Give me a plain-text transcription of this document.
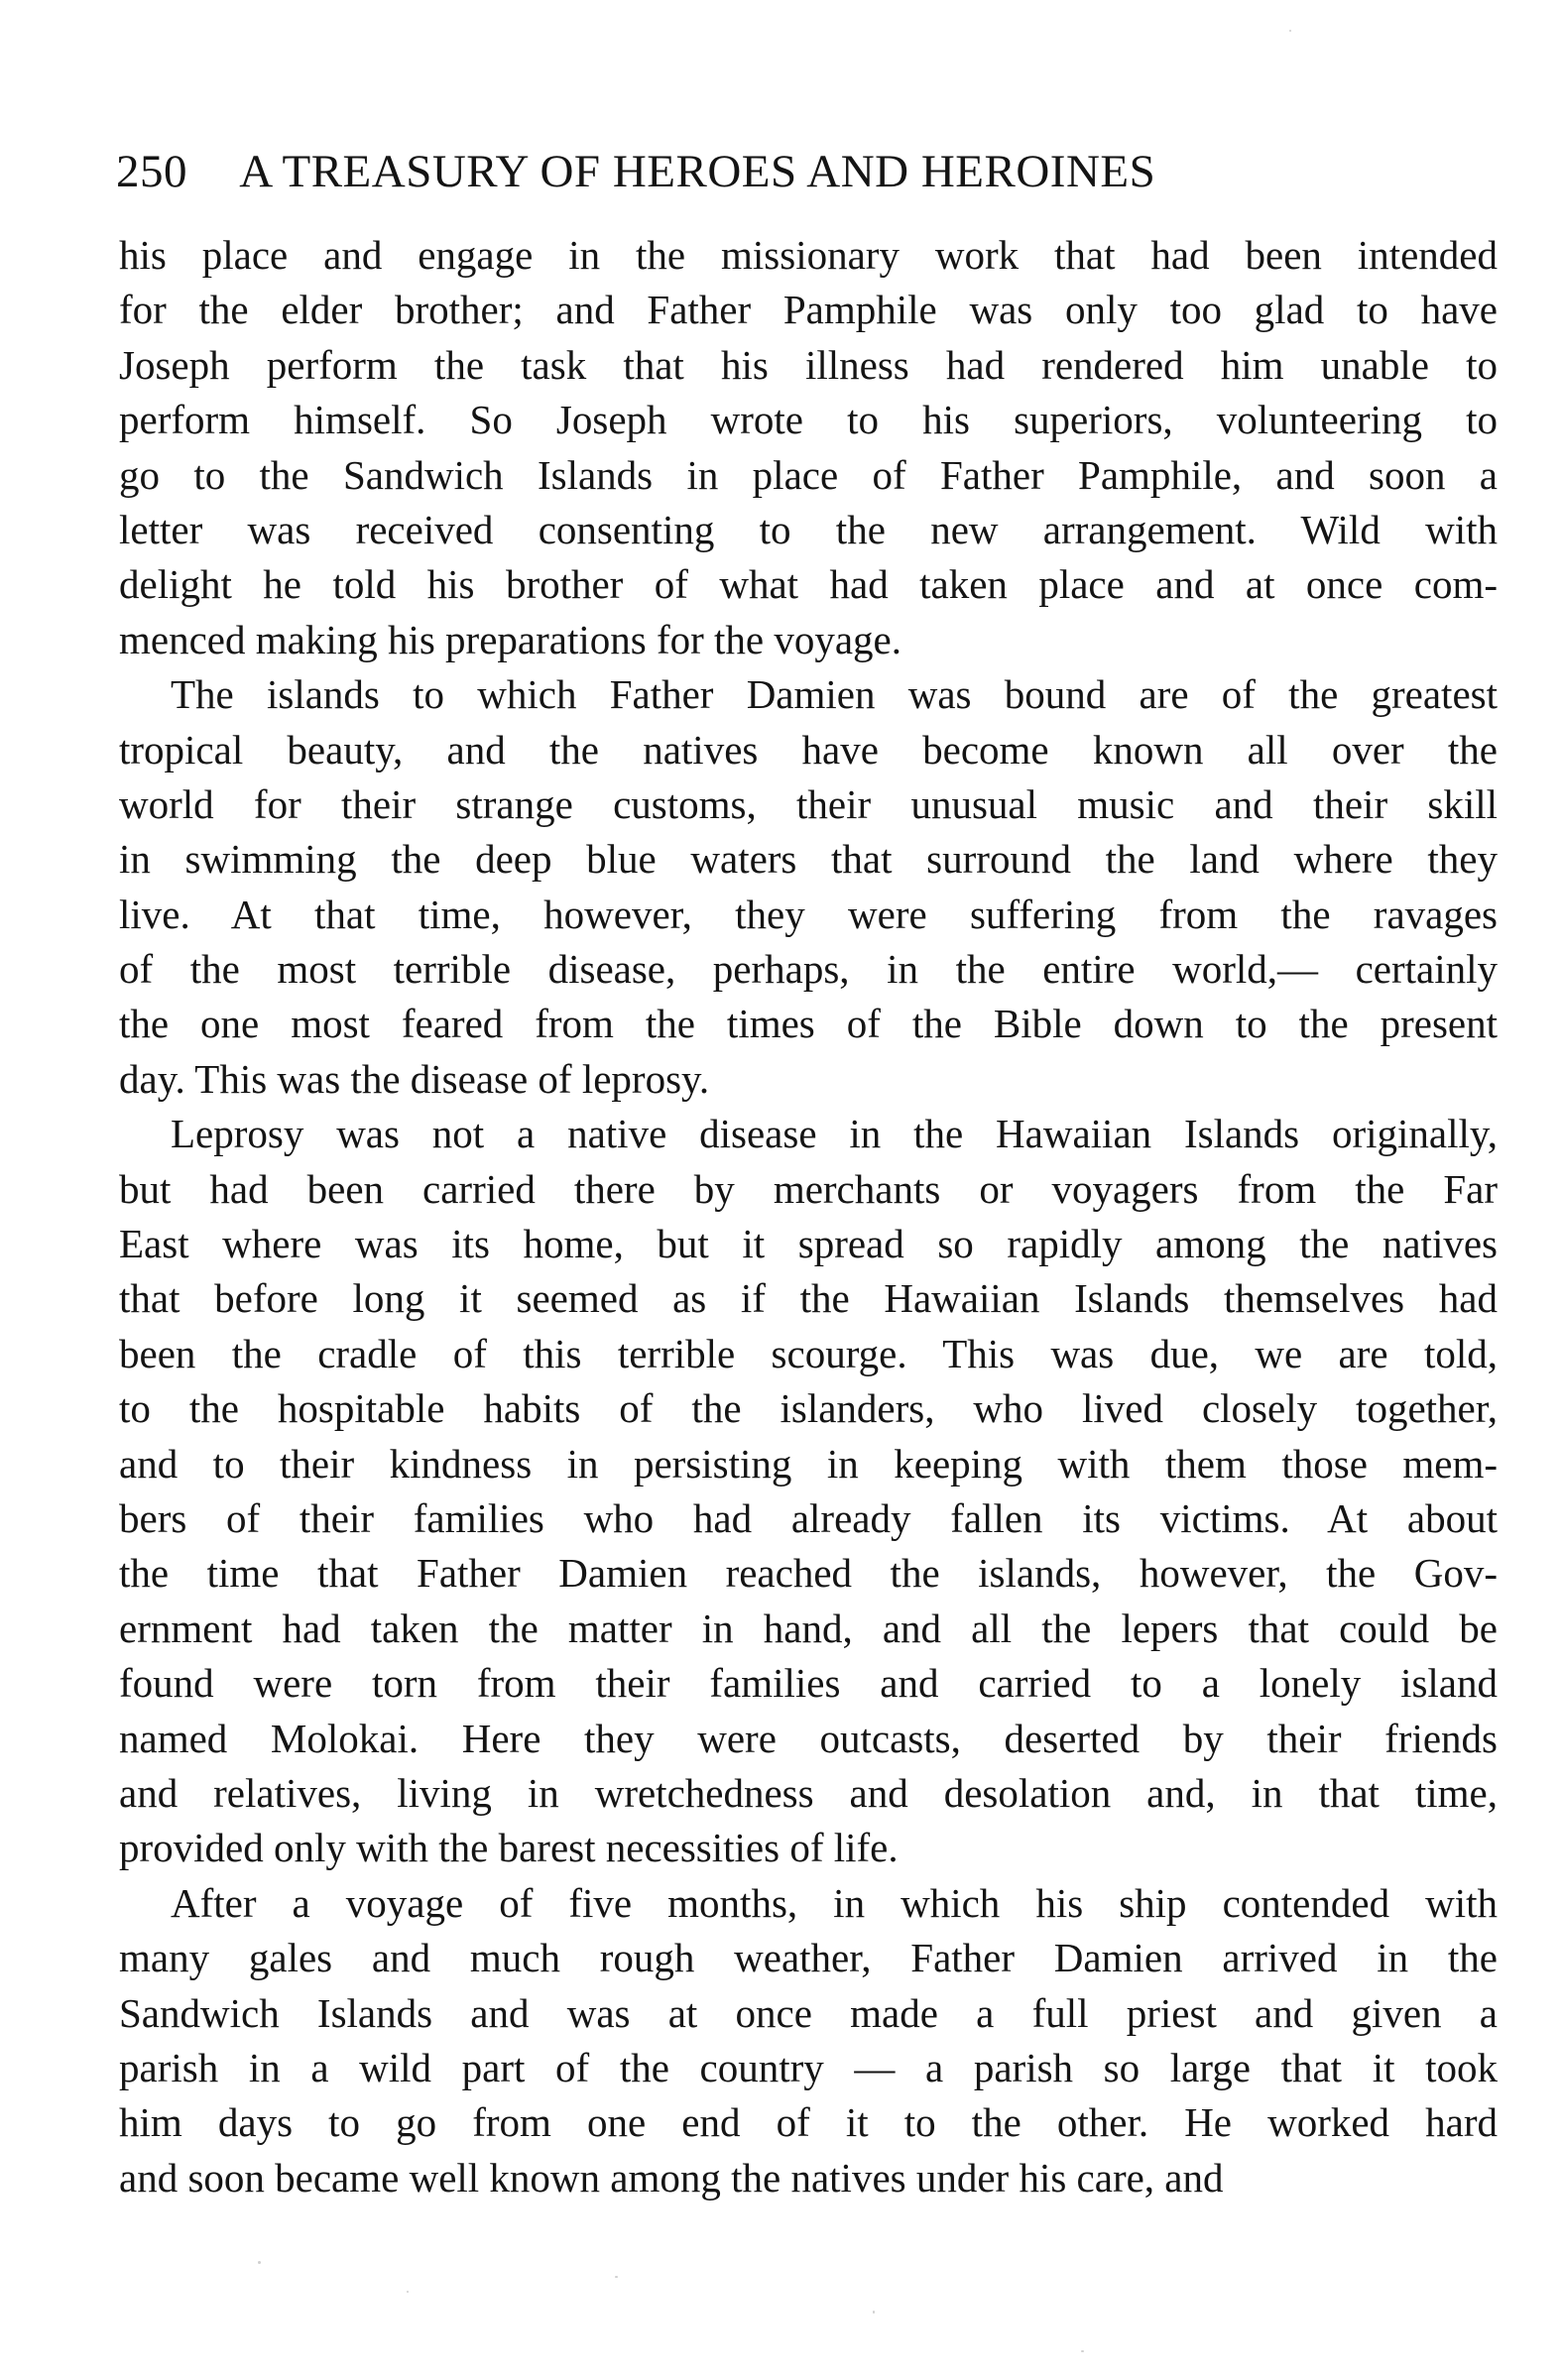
250 A TREASURY OF HEROES AND HEROINES

his place and engage in the missionary work that had been intended
for the elder brother; and Father Pamphile was only too glad to have
Joseph perform the task that his illness had rendered him unable to
perform himself. So Joseph wrote to his superiors, volunteering to
go to the Sandwich Islands in place of Father Pamphile, and soon a
letter was received consenting to the new arrangement. Wild with
delight he told his brother of what had taken place and at once com-
menced making his preparations for the voyage.

The islands to which Father Damien was bound are of the greatest
tropical beauty, and the natives have become known all over the
world for their strange customs, their unusual music and their skill
in swimming the deep blue waters that surround the land where they
live. At that time, however, they were suffering from the ravages
of the most terrible disease, perhaps, in the entire world,— certainly
the one most feared from the times of the Bible down to the present
day. This was the disease of leprosy.

Leprosy was not a native disease in the Hawaiian Islands originally,
but had been carried there by merchants or voyagers from the Far
East where was its home, but it spread so rapidly among the natives
that before long it seemed as if the Hawaiian Islands themselves had
been the cradle of this terrible scourge. This was due, we are told,
to the hospitable habits of the islanders, who lived closely together,
and to their kindness in persisting in keeping with them those mem-
bers of their families who had already fallen its victims. At about
the time that Father Damien reached the islands, however, the Gov-
ernment had taken the matter in hand, and all the lepers that could be
found were torn from their families and carried to a lonely island
named Molokai. Here they were outcasts, deserted by their friends
and relatives, living in wretchedness and desolation and, in that time,
provided only with the barest necessities of life.

After a voyage of five months, in which his ship contended with
many gales and much rough weather, Father Damien arrived in the
Sandwich Islands and was at once made a full priest and given a
parish in a wild part of the country — a parish so large that it took
him days to go from one end of it to the other. He worked hard
and soon became well known among the natives under his care, and
